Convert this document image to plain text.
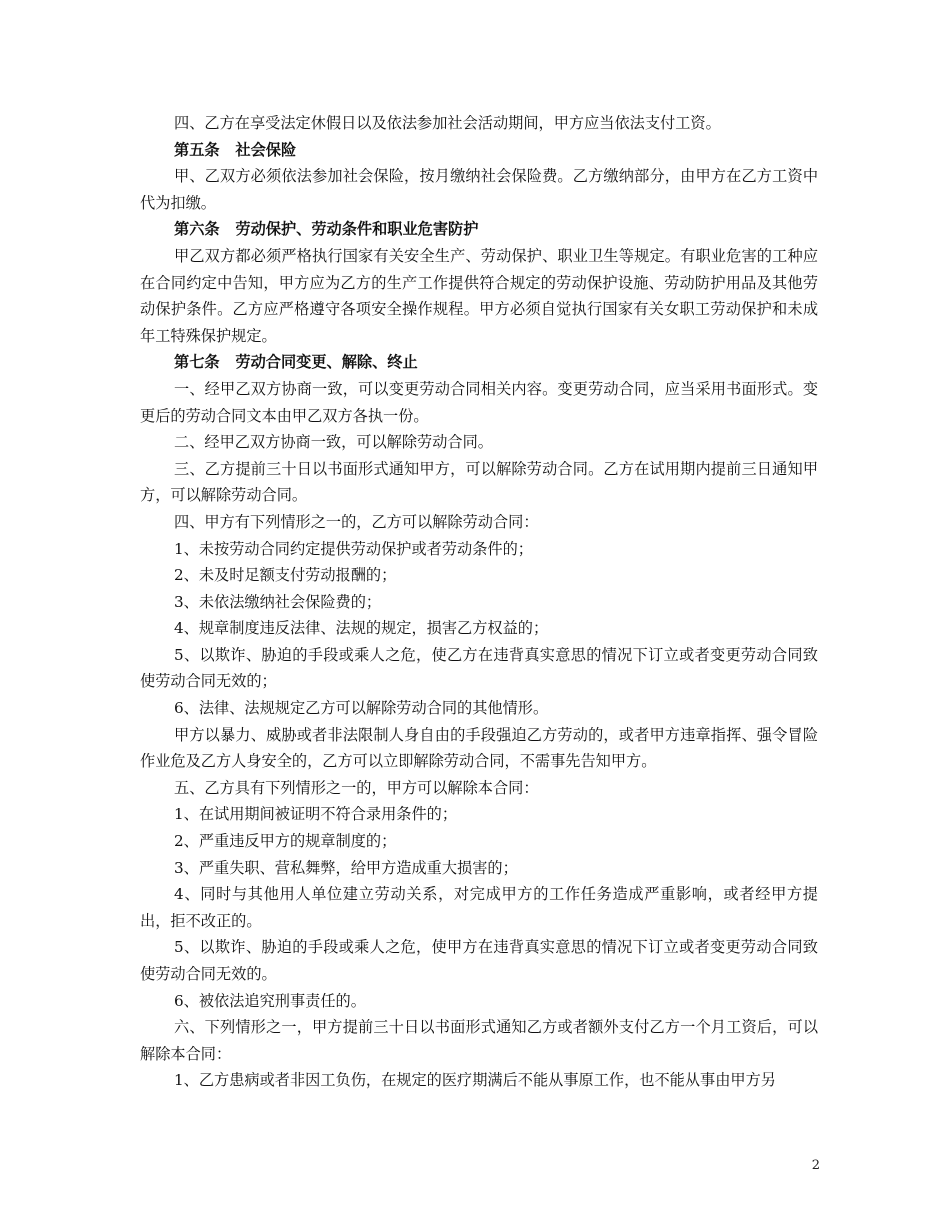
四、乙方在享受法定休假日以及依法参加社会活动期间，甲方应当依法支付工资。

第五条   社会保险

甲、乙双方必须依法参加社会保险，按月缴纳社会保险费。乙方缴纳部分，由甲方在乙方工资中代为扣缴。

第六条   劳动保护、劳动条件和职业危害防护

甲乙双方都必须严格执行国家有关安全生产、劳动保护、职业卫生等规定。有职业危害的工种应在合同约定中告知，甲方应为乙方的生产工作提供符合规定的劳动保护设施、劳动防护用品及其他劳动保护条件。乙方应严格遵守各项安全操作规程。甲方必须自觉执行国家有关女职工劳动保护和未成年工特殊保护规定。

第七条   劳动合同变更、解除、终止

一、经甲乙双方协商一致，可以变更劳动合同相关内容。变更劳动合同，应当采用书面形式。变更后的劳动合同文本由甲乙双方各执一份。

二、经甲乙双方协商一致，可以解除劳动合同。

三、乙方提前三十日以书面形式通知甲方，可以解除劳动合同。乙方在试用期内提前三日通知甲方，可以解除劳动合同。

四、甲方有下列情形之一的，乙方可以解除劳动合同：

1、未按劳动合同约定提供劳动保护或者劳动条件的；

2、未及时足额支付劳动报酬的；

3、未依法缴纳社会保险费的；

4、规章制度违反法律、法规的规定，损害乙方权益的；

5、以欺诈、胁迫的手段或乘人之危，使乙方在违背真实意思的情况下订立或者变更劳动合同致使劳动合同无效的；

6、法律、法规规定乙方可以解除劳动合同的其他情形。

甲方以暴力、威胁或者非法限制人身自由的手段强迫乙方劳动的，或者甲方违章指挥、强令冒险作业危及乙方人身安全的，乙方可以立即解除劳动合同，不需事先告知甲方。

五、乙方具有下列情形之一的，甲方可以解除本合同：

1、在试用期间被证明不符合录用条件的；

2、严重违反甲方的规章制度的；

3、严重失职、营私舞弊，给甲方造成重大损害的；

4、同时与其他用人单位建立劳动关系，对完成甲方的工作任务造成严重影响，或者经甲方提出，拒不改正的。

5、以欺诈、胁迫的手段或乘人之危，使甲方在违背真实意思的情况下订立或者变更劳动合同致使劳动合同无效的。

6、被依法追究刑事责任的。

六、下列情形之一，甲方提前三十日以书面形式通知乙方或者额外支付乙方一个月工资后，可以解除本合同：

1、乙方患病或者非因工负伤，在规定的医疗期满后不能从事原工作，也不能从事由甲方另

2
